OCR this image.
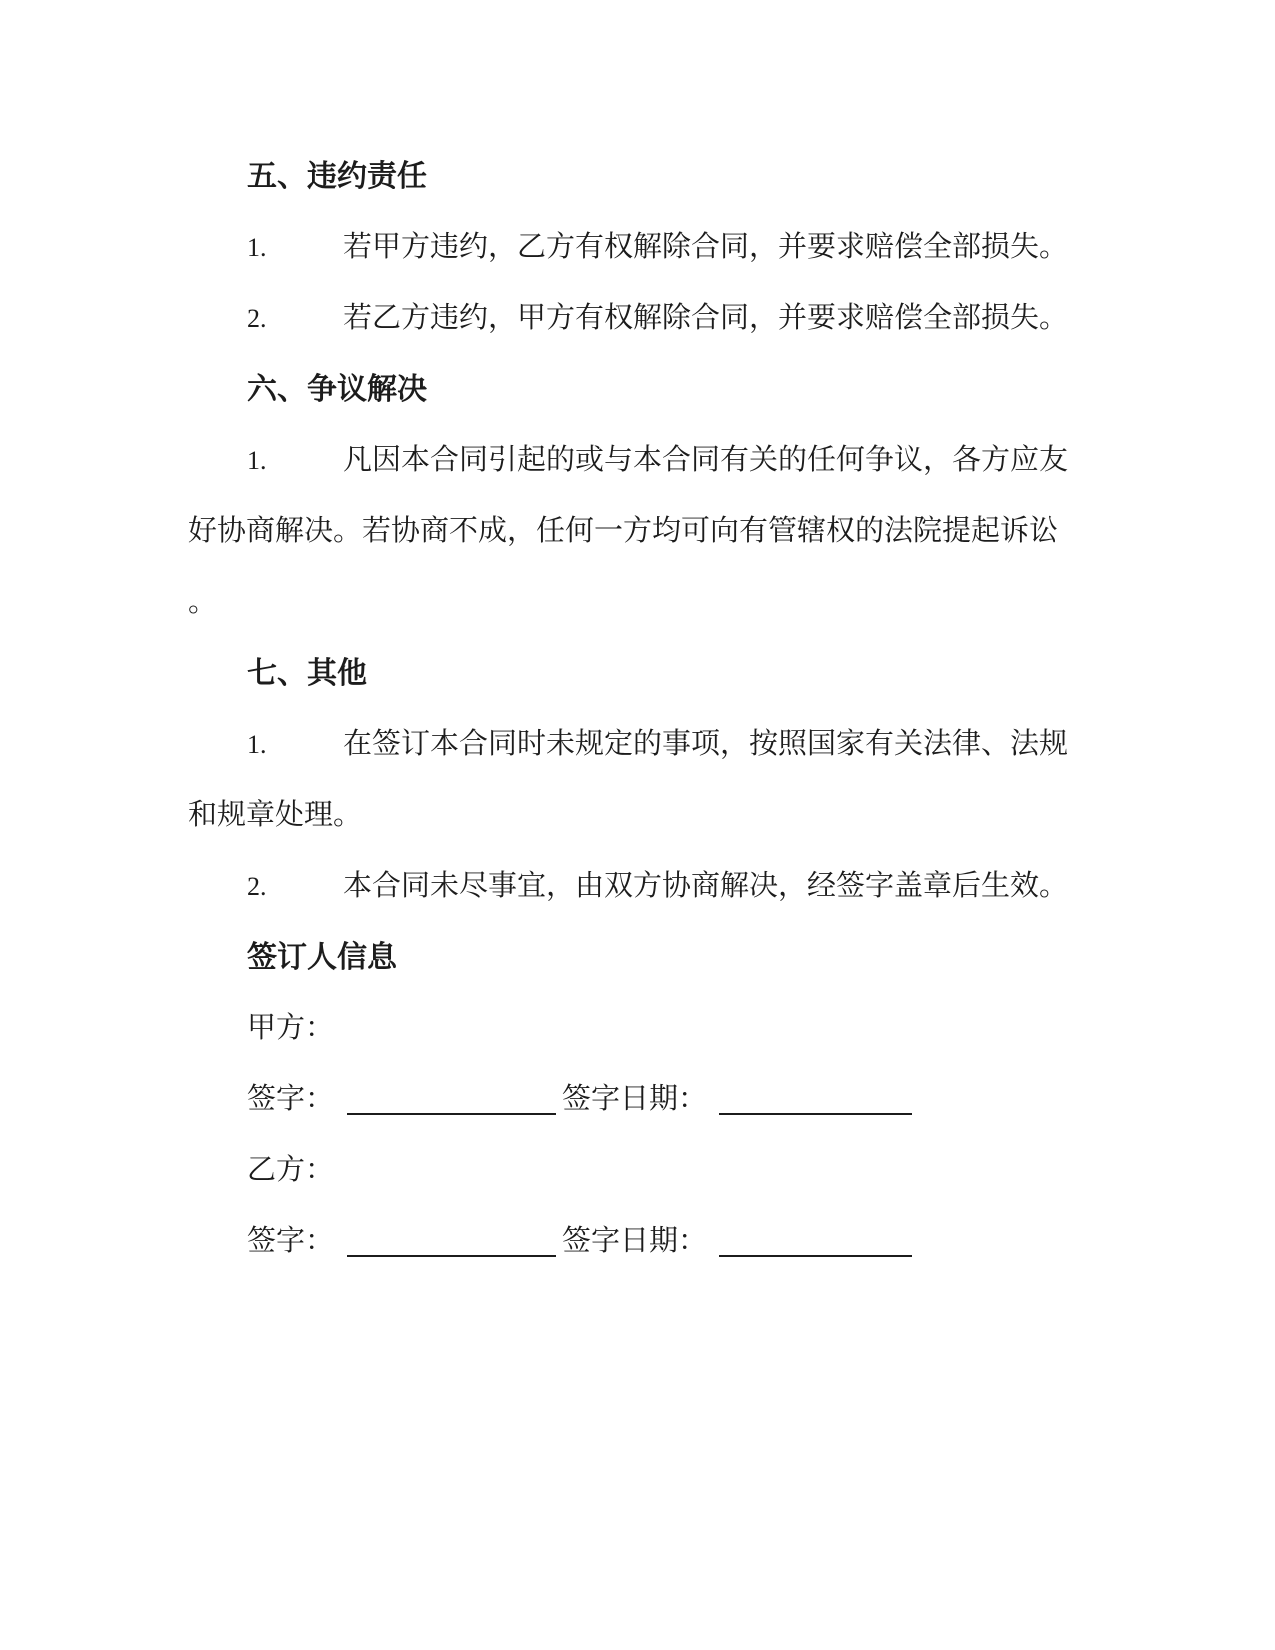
五、违约责任
1.	若甲方违约，乙方有权解除合同，并要求赔偿全部损失。
2.	若乙方违约，甲方有权解除合同，并要求赔偿全部损失。
六、争议解决
1.	凡因本合同引起的或与本合同有关的任何争议，各方应友
好协商解决。若协商不成，任何一方均可向有管辖权的法院提起诉讼
。
七、其他
1.	在签订本合同时未规定的事项，按照国家有关法律、法规
和规章处理。
2.	本合同未尽事宜，由双方协商解决，经签字盖章后生效。
签订人信息
甲方：
签字：	签字日期：
乙方：
签字：	签字日期：
